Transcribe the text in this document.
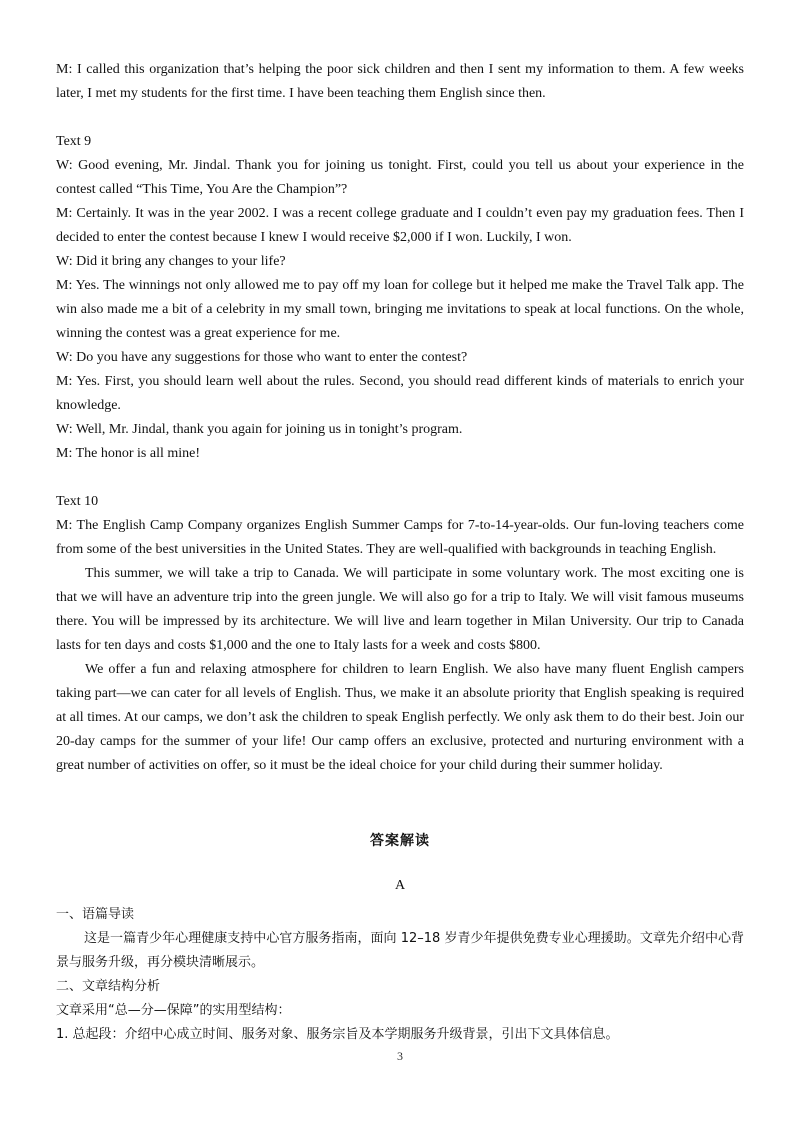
M: I called this organization that’s helping the poor sick children and then I sent my information to them. A few weeks later, I met my students for the first time. I have been teaching them English since then.

Text 9

W: Good evening, Mr. Jindal. Thank you for joining us tonight. First, could you tell us about your experience in the contest called “This Time, You Are the Champion”?

M: Certainly. It was in the year 2002. I was a recent college graduate and I couldn’t even pay my graduation fees. Then I decided to enter the contest because I knew I would receive $2,000 if I won. Luckily, I won.

W: Did it bring any changes to your life?

M: Yes. The winnings not only allowed me to pay off my loan for college but it helped me make the Travel Talk app. The win also made me a bit of a celebrity in my small town, bringing me invitations to speak at local functions. On the whole, winning the contest was a great experience for me.

W: Do you have any suggestions for those who want to enter the contest?

M: Yes. First, you should learn well about the rules. Second, you should read different kinds of materials to enrich your knowledge.

W: Well, Mr. Jindal, thank you again for joining us in tonight’s program.

M: The honor is all mine!

Text 10

M: The English Camp Company organizes English Summer Camps for 7-to-14-year-olds. Our fun-loving teachers come from some of the best universities in the United States. They are well-qualified with backgrounds in teaching English.

This summer, we will take a trip to Canada. We will participate in some voluntary work. The most exciting one is that we will have an adventure trip into the green jungle. We will also go for a trip to Italy. We will visit famous museums there. You will be impressed by its architecture. We will live and learn together in Milan University. Our trip to Canada lasts for ten days and costs $1,000 and the one to Italy lasts for a week and costs $800.

We offer a fun and relaxing atmosphere for children to learn English. We also have many fluent English campers taking part—we can cater for all levels of English. Thus, we make it an absolute priority that English speaking is required at all times. At our camps, we don’t ask the children to speak English perfectly. We only ask them to do their best. Join our 20-day camps for the summer of your life! Our camp offers an exclusive, protected and nurturing environment with a great number of activities on offer, so it must be the ideal choice for your child during their summer holiday.

答案解读
A

一、语篇导读

这是一篇青少年心理健康支持中心官方服务指南，面向 12–18 岁青少年提供免费专业心理援助。文章先介绍中心背景与服务升级，再分模块清晰展示。

二、文章结构分析

文章采用“总—分—保障”的实用型结构：

1. 总起段：介绍中心成立时间、服务对象、服务宗旨及本学期服务升级背景，引出下文具体信息。

3
